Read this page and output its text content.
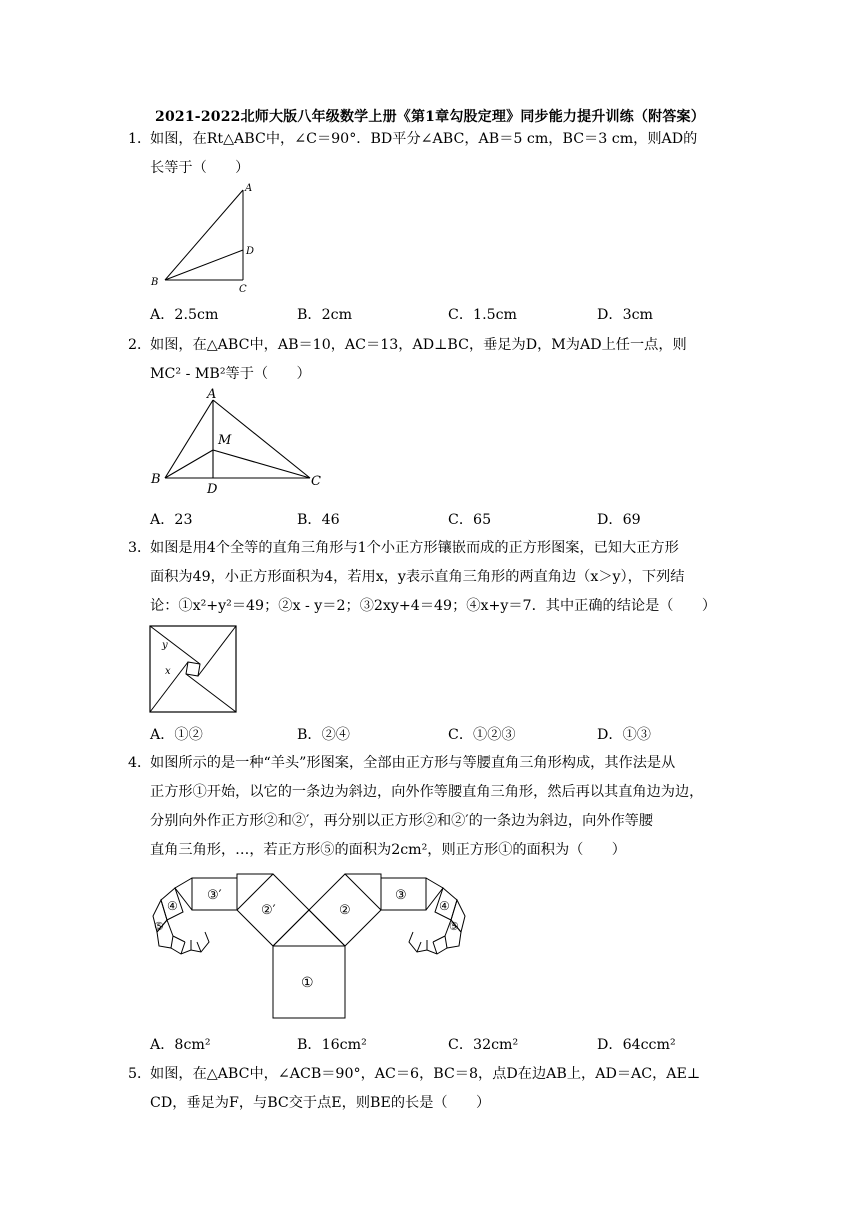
2021-2022北师大版八年级数学上册《第1章勾股定理》同步能力提升训练（附答案）
1．
如图，在Rt△ABC中，∠C＝90°．BD平分∠ABC，AB＝5 cm，BC＝3 cm，则AD的
长等于（　　）
A
D
B
C
A．2.5cm	B．2cm	C．1.5cm	D．3cm
2．
如图，在△ABC中，AB＝10，AC＝13，AD⊥BC，垂足为D，M为AD上任一点，则
MC² - MB²等于（　　）
A
M
B
D
C
A．23	B．46	C．65	D．69
3．
如图是用4个全等的直角三角形与1个小正方形镶嵌而成的正方形图案，已知大正方形
面积为49，小正方形面积为4，若用x，y表示直角三角形的两直角边（x＞y），下列结
论：①x²+y²＝49；②x - y＝2；③2xy+4＝49；④x+y＝7．其中正确的结论是（　　）
y
x
A．①②	B．②④	C．①②③	D．①③
4．
如图所示的是一种“羊头”形图案，全部由正方形与等腰直角三角形构成，其作法是从
正方形①开始，以它的一条边为斜边，向外作等腰直角三角形，然后再以其直角边为边，
分别向外作正方形②和②′，再分别以正方形②和②′的一条边为斜边，向外作等腰
直角三角形，…，若正方形⑤的面积为2cm²，则正方形①的面积为（　　）
③′
④
⑤
②′	②
③
④
⑤
①
A．8cm²	B．16cm²	C．32cm²	D．64ccm²
5．
如图，在△ABC中，∠ACB＝90°，AC＝6，BC＝8，点D在边AB上，AD＝AC，AE⊥
CD，垂足为F，与BC交于点E，则BE的长是（　　）
